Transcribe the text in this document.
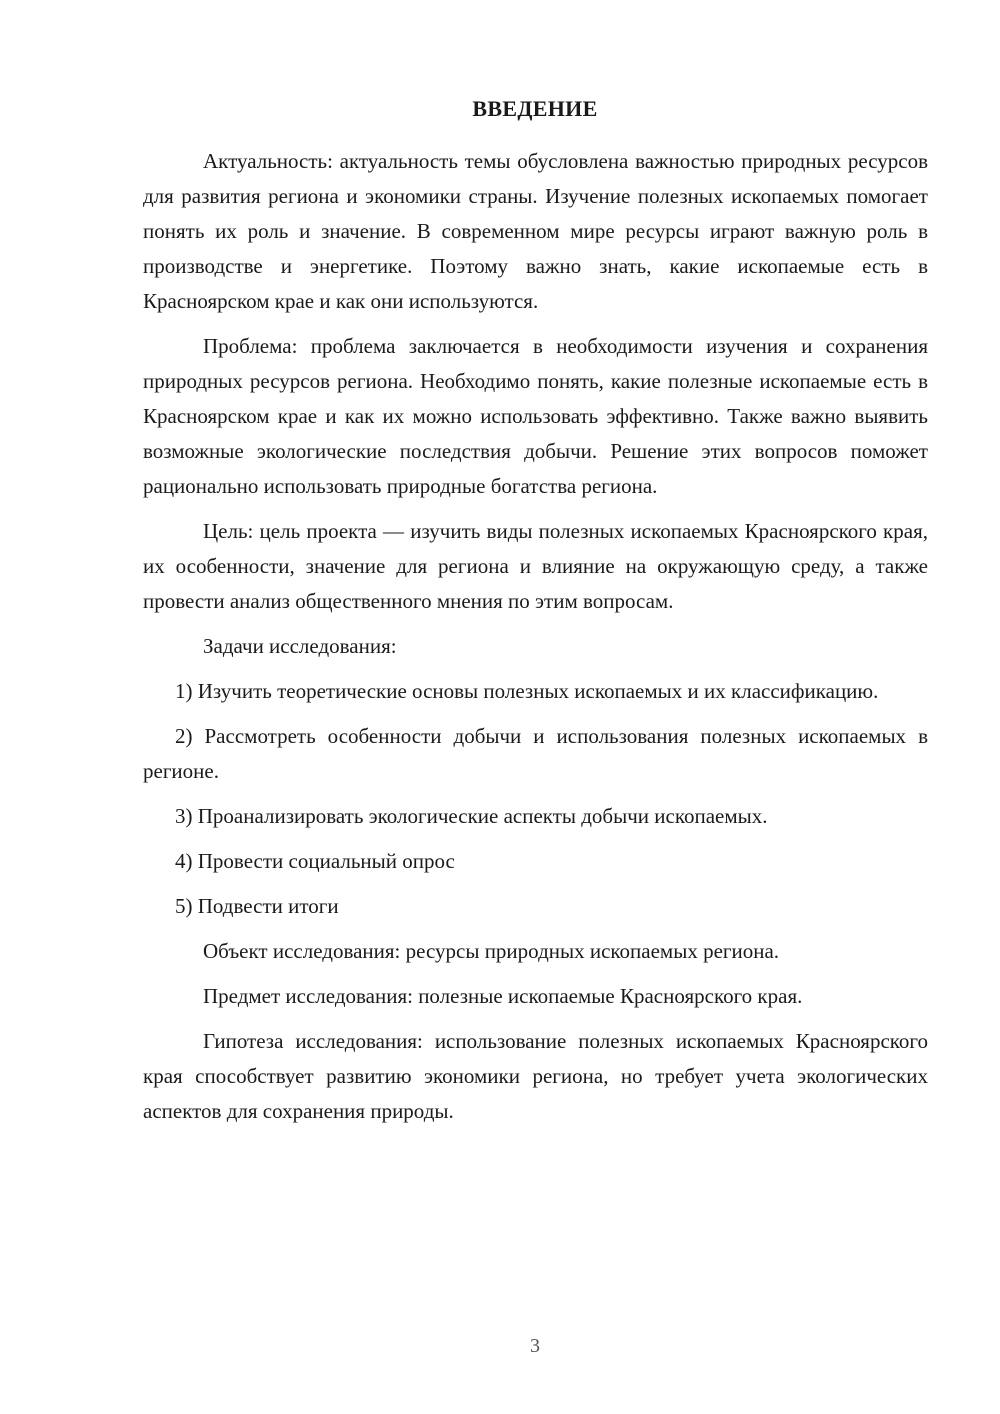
ВВЕДЕНИЕ

Актуальность: актуальность темы обусловлена важностью природных ресурсов для развития региона и экономики страны. Изучение полезных ископаемых помогает понять их роль и значение. В современном мире ресурсы играют важную роль в производстве и энергетике. Поэтому важно знать, какие ископаемые есть в Красноярском крае и как они используются.

Проблема: проблема заключается в необходимости изучения и сохранения природных ресурсов региона. Необходимо понять, какие полезные ископаемые есть в Красноярском крае и как их можно использовать эффективно. Также важно выявить возможные экологические последствия добычи. Решение этих вопросов поможет рационально использовать природные богатства региона.

Цель: цель проекта — изучить виды полезных ископаемых Красноярского края, их особенности, значение для региона и влияние на окружающую среду, а также провести анализ общественного мнения по этим вопросам.

Задачи исследования:

1) Изучить теоретические основы полезных ископаемых и их классификацию.

2) Рассмотреть особенности добычи и использования полезных ископаемых в регионе.

3) Проанализировать экологические аспекты добычи ископаемых.

4) Провести социальный опрос

5) Подвести итоги

Объект исследования: ресурсы природных ископаемых региона.

Предмет исследования: полезные ископаемые Красноярского края.

Гипотеза исследования: использование полезных ископаемых Красноярского края способствует развитию экономики региона, но требует учета экологических аспектов для сохранения природы.

3
